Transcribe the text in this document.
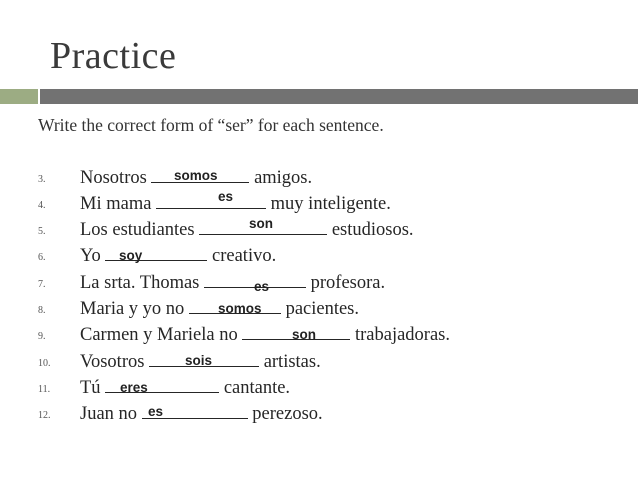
Practice
Write the correct form of “ser” for each sentence.
3. Nosotros	amigos.
somos
4. Mi mama	muy inteligente.
es
5. Los estudiantes	estudiosos.
son
6. Yo	creativo.
soy
7. La srta. Thomas	profesora.
es
8. Maria y yo no	pacientes.
somos
9. Carmen y Mariela no	trabajadoras.
son
10. Vosotros	artistas.
sois
11. Tú	cantante.
eres
12. Juan no	perezoso.
es
